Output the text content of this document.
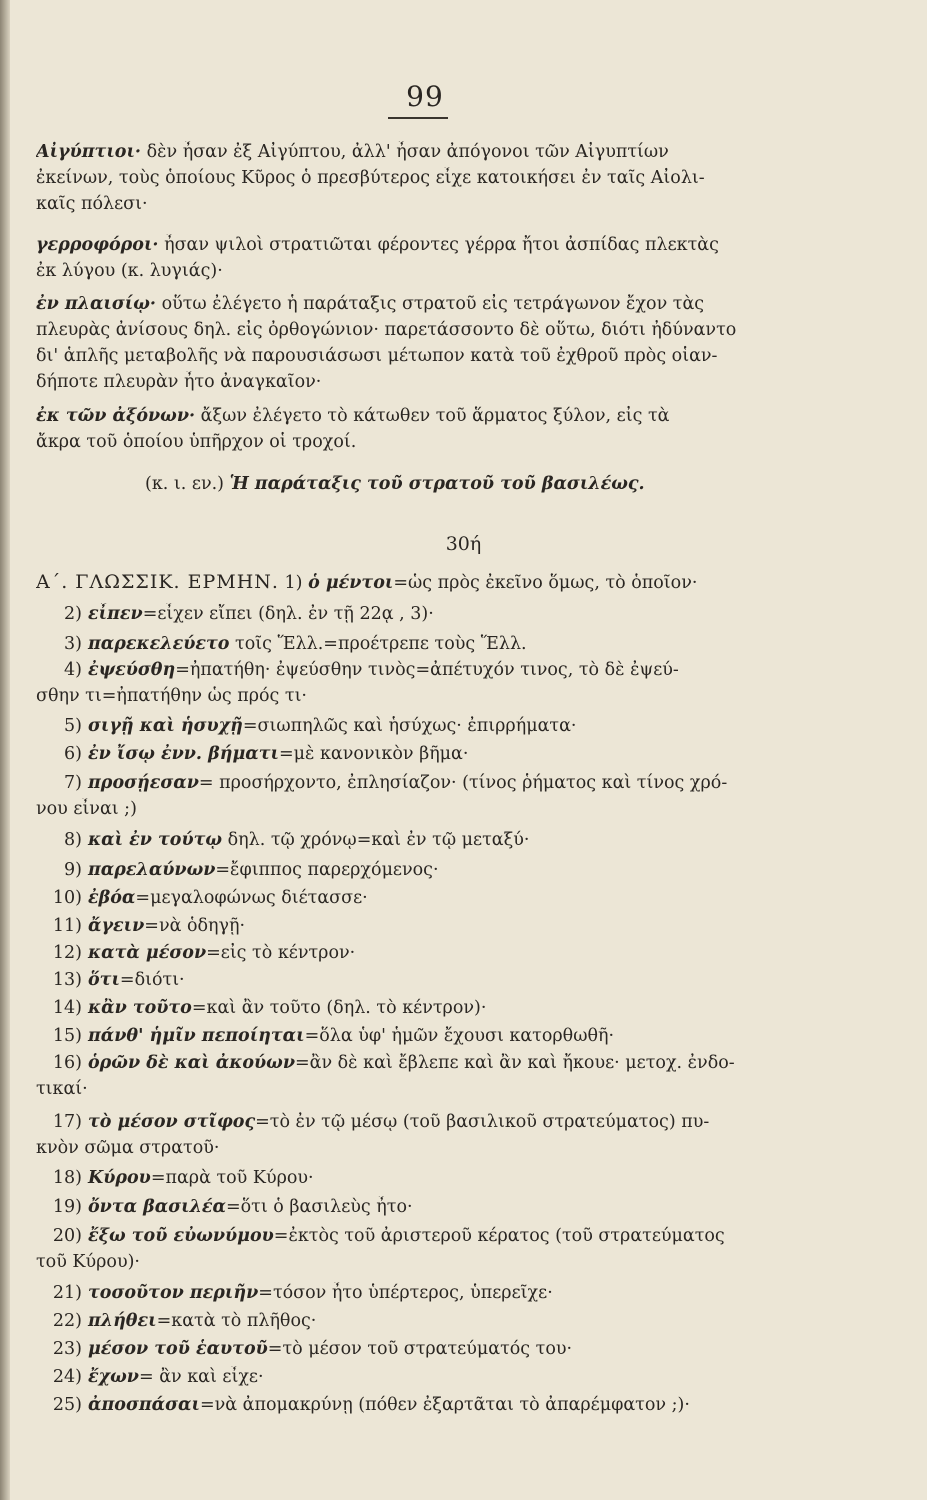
99
Αἰγύπτιοι· δὲν ἦσαν ἐξ Αἰγύπτου, ἀλλ' ἦσαν ἀπόγονοι τῶν Αἰγυπτίων
ἐκείνων, τοὺς ὁποίους Κῦρος ὁ πρεσβύτερος εἶχε κατοικήσει ἐν ταῖς Αἰολι-
καῖς πόλεσι·
γερροφόροι· ἦσαν ψιλοὶ στρατιῶται φέροντες γέρρα ἤτοι ἀσπίδας πλεκτὰς
ἐκ λύγου (κ. λυγιάς)·
ἐν πλαισίῳ· οὕτω ἐλέγετο ἡ παράταξις στρατοῦ εἰς τετράγωνον ἔχον τὰς
πλευρὰς ἀνίσους δηλ. εἰς ὀρθογώνιον· παρετάσσοντο δὲ οὕτω, διότι ἠδύναντο
δι' ἁπλῆς μεταβολῆς νὰ παρουσιάσωσι μέτωπον κατὰ τοῦ ἐχθροῦ πρὸς οἱαν-
δήποτε πλευρὰν ἦτο ἀναγκαῖον·
ἐκ τῶν ἀξόνων· ἄξων ἐλέγετο τὸ κάτωθεν τοῦ ἅρματος ξύλον, εἰς τὰ
ἄκρα τοῦ ὁποίου ὑπῆρχον οἱ τροχοί.
(κ. ι. εν.) Ἡ παράταξις τοῦ στρατοῦ τοῦ βασιλέως.
30ή
Α΄. ΓΛΩΣΣΙΚ. ΕΡΜΗΝ. 1) ὁ μέντοι=ὡς πρὸς ἐκεῖνο ὅμως, τὸ ὁποῖον·
2) εἶπεν=εἶχεν εἴπει (δηλ. ἐν τῇ 22ᾳ , 3)·
3) παρεκελεύετο τοῖς Ἕλλ.=προέτρεπε τοὺς Ἕλλ.
4) ἐψεύσθη=ἠπατήθη· ἐψεύσθην τινὸς=ἀπέτυχόν τινος, τὸ δὲ ἐψεύ-
σθην τι=ἠπατήθην ὡς πρός τι·
5) σιγῇ καὶ ἡσυχῇ=σιωπηλῶς καὶ ἡσύχως· ἐπιρρήματα·
6) ἐν ἴσῳ ἐνν. βήματι=μὲ κανονικὸν βῆμα·
7) προσῄεσαν= προσήρχοντο, ἐπλησίαζον· (τίνος ῥήματος καὶ τίνος χρό-
νου εἶναι ;)
8) καὶ ἐν τούτῳ δηλ. τῷ χρόνῳ=καὶ ἐν τῷ μεταξύ·
9) παρελαύνων=ἔφιππος παρερχόμενος·
10) ἐβόα=μεγαλοφώνως διέτασσε·
11) ἄγειν=νὰ ὁδηγῇ·
12) κατὰ μέσον=εἰς τὸ κέντρον·
13) ὅτι=διότι·
14) κἂν τοῦτο=καὶ ἂν τοῦτο (δηλ. τὸ κέντρον)·
15) πάνθ' ἡμῖν πεποίηται=ὅλα ὑφ' ἡμῶν ἔχουσι κατορθωθῆ·
16) ὁρῶν δὲ καὶ ἀκούων=ἂν δὲ καὶ ἔβλεπε καὶ ἂν καὶ ἤκουε· μετοχ. ἐνδο-
τικαί·
17) τὸ μέσον στῖφος=τὸ ἐν τῷ μέσῳ (τοῦ βασιλικοῦ στρατεύματος) πυ-
κνὸν σῶμα στρατοῦ·
18) Κύρου=παρὰ τοῦ Κύρου·
19) ὄντα βασιλέα=ὅτι ὁ βασιλεὺς ἦτο·
20) ἔξω τοῦ εὐωνύμου=ἐκτὸς τοῦ ἀριστεροῦ κέρατος (τοῦ στρατεύματος
τοῦ Κύρου)·
21) τοσοῦτον περιῆν=τόσον ἦτο ὑπέρτερος, ὑπερεῖχε·
22) πλήθει=κατὰ τὸ πλῆθος·
23) μέσον τοῦ ἑαυτοῦ=τὸ μέσον τοῦ στρατεύματός του·
24) ἔχων= ἂν καὶ εἶχε·
25) ἀποσπάσαι=νὰ ἀπομακρύνῃ (πόθεν ἐξαρτᾶται τὸ ἀπαρέμφατον ;)·
